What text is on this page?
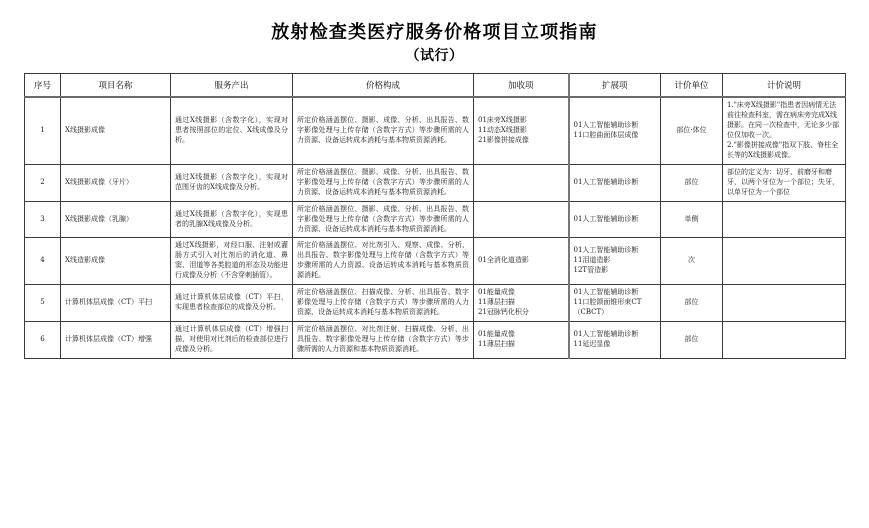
放射检查类医疗服务价格项目立项指南
（试行）
序号	项目名称	服务产出	价格构成	加收项	扩展项	计价单位	计价说明
1	X线摄影成像	通过X线摄影（含数字化），实现对患者按照部位的定位、X线成像及分析。	所定价格涵盖摆位、摄影、成像、分析、出具报告、数字影像处理与上传存储（含数字方式）等步骤所需的人力资源、设备运转成本消耗与基本物质资源消耗。	01床旁X线摄影
11动态X线摄影
21影像拼接成像	01人工智能辅助诊断
11口腔曲面体层成像	部位·体位	1."床旁X线摄影"指患者因病情无法前往检查科室，需在病床旁完成X线摄影。在同一次检查中，无论多少部位仅加收一次。
2."影像拼接成像"指双下肢、脊柱全长等的X线摄影成像。

2	X线摄影成像（牙片）	通过X线摄影（含数字化），实现对范围牙齿的X线成像及分析。	所定价格涵盖摆位、摄影、成像、分析、出具报告、数字影像处理与上传存储（含数字方式）等步骤所需的人力资源、设备运转成本消耗与基本物质资源消耗。		01人工智能辅助诊断	部位	部位的定义为：切牙、前磨牙和磨牙，以两个牙位为一个部位；失牙，以单牙位为一个部位

3	X线摄影成像（乳腺）	通过X线摄影（含数字化），实现患者的乳腺X线成像及分析。	所定价格涵盖摆位、摄影、成像、分析、出具报告、数字影像处理与上传存储（含数字方式）等步骤所需的人力资源、设备运转成本消耗与基本物质资源消耗。		01人工智能辅助诊断	单侧	
4	X线造影成像	通过X线摄影，对经口服、注射或灌肠方式引入对比剂后的消化道、鼻窦、泪道等各类腔道的形态及功能进行成像及分析（不含穿刺插管）。	所定价格涵盖摆位、对比剂引入、观察、成像、分析、出具报告、数字影像处理与上传存储（含数字方式）等步骤所需的人力资源、设备运转成本消耗与基本物质资源消耗。	01全消化道造影	01人工智能辅助诊断
11泪道造影
12T管造影	次	
5	计算机体层成像（CT）平扫	通过计算机体层成像（CT）平扫，实现患者检查部位的成像及分析。	所定价格涵盖摆位、扫描成像、分析、出具报告、数字影像处理与上传存储（含数字方式）等步骤所需的人力资源、设备运转成本消耗与基本物质资源消耗。	01能量成像
11薄层扫描
21冠脉钙化积分	01人工智能辅助诊断
11口腔颌面锥形束CT（CBCT）	部位	
6	计算机体层成像（CT）增强	通过计算机体层成像（CT）增强扫描，对使用对比剂后的检查部位进行成像及分析。	所定价格涵盖摆位、对比剂注射、扫描成像、分析、出具报告、数字影像处理与上传存储（含数字方式）等步骤所需的人力资源和基本物质资源消耗。	01能量成像
11薄层扫描	01人工智能辅助诊断
11延迟显像	部位	
